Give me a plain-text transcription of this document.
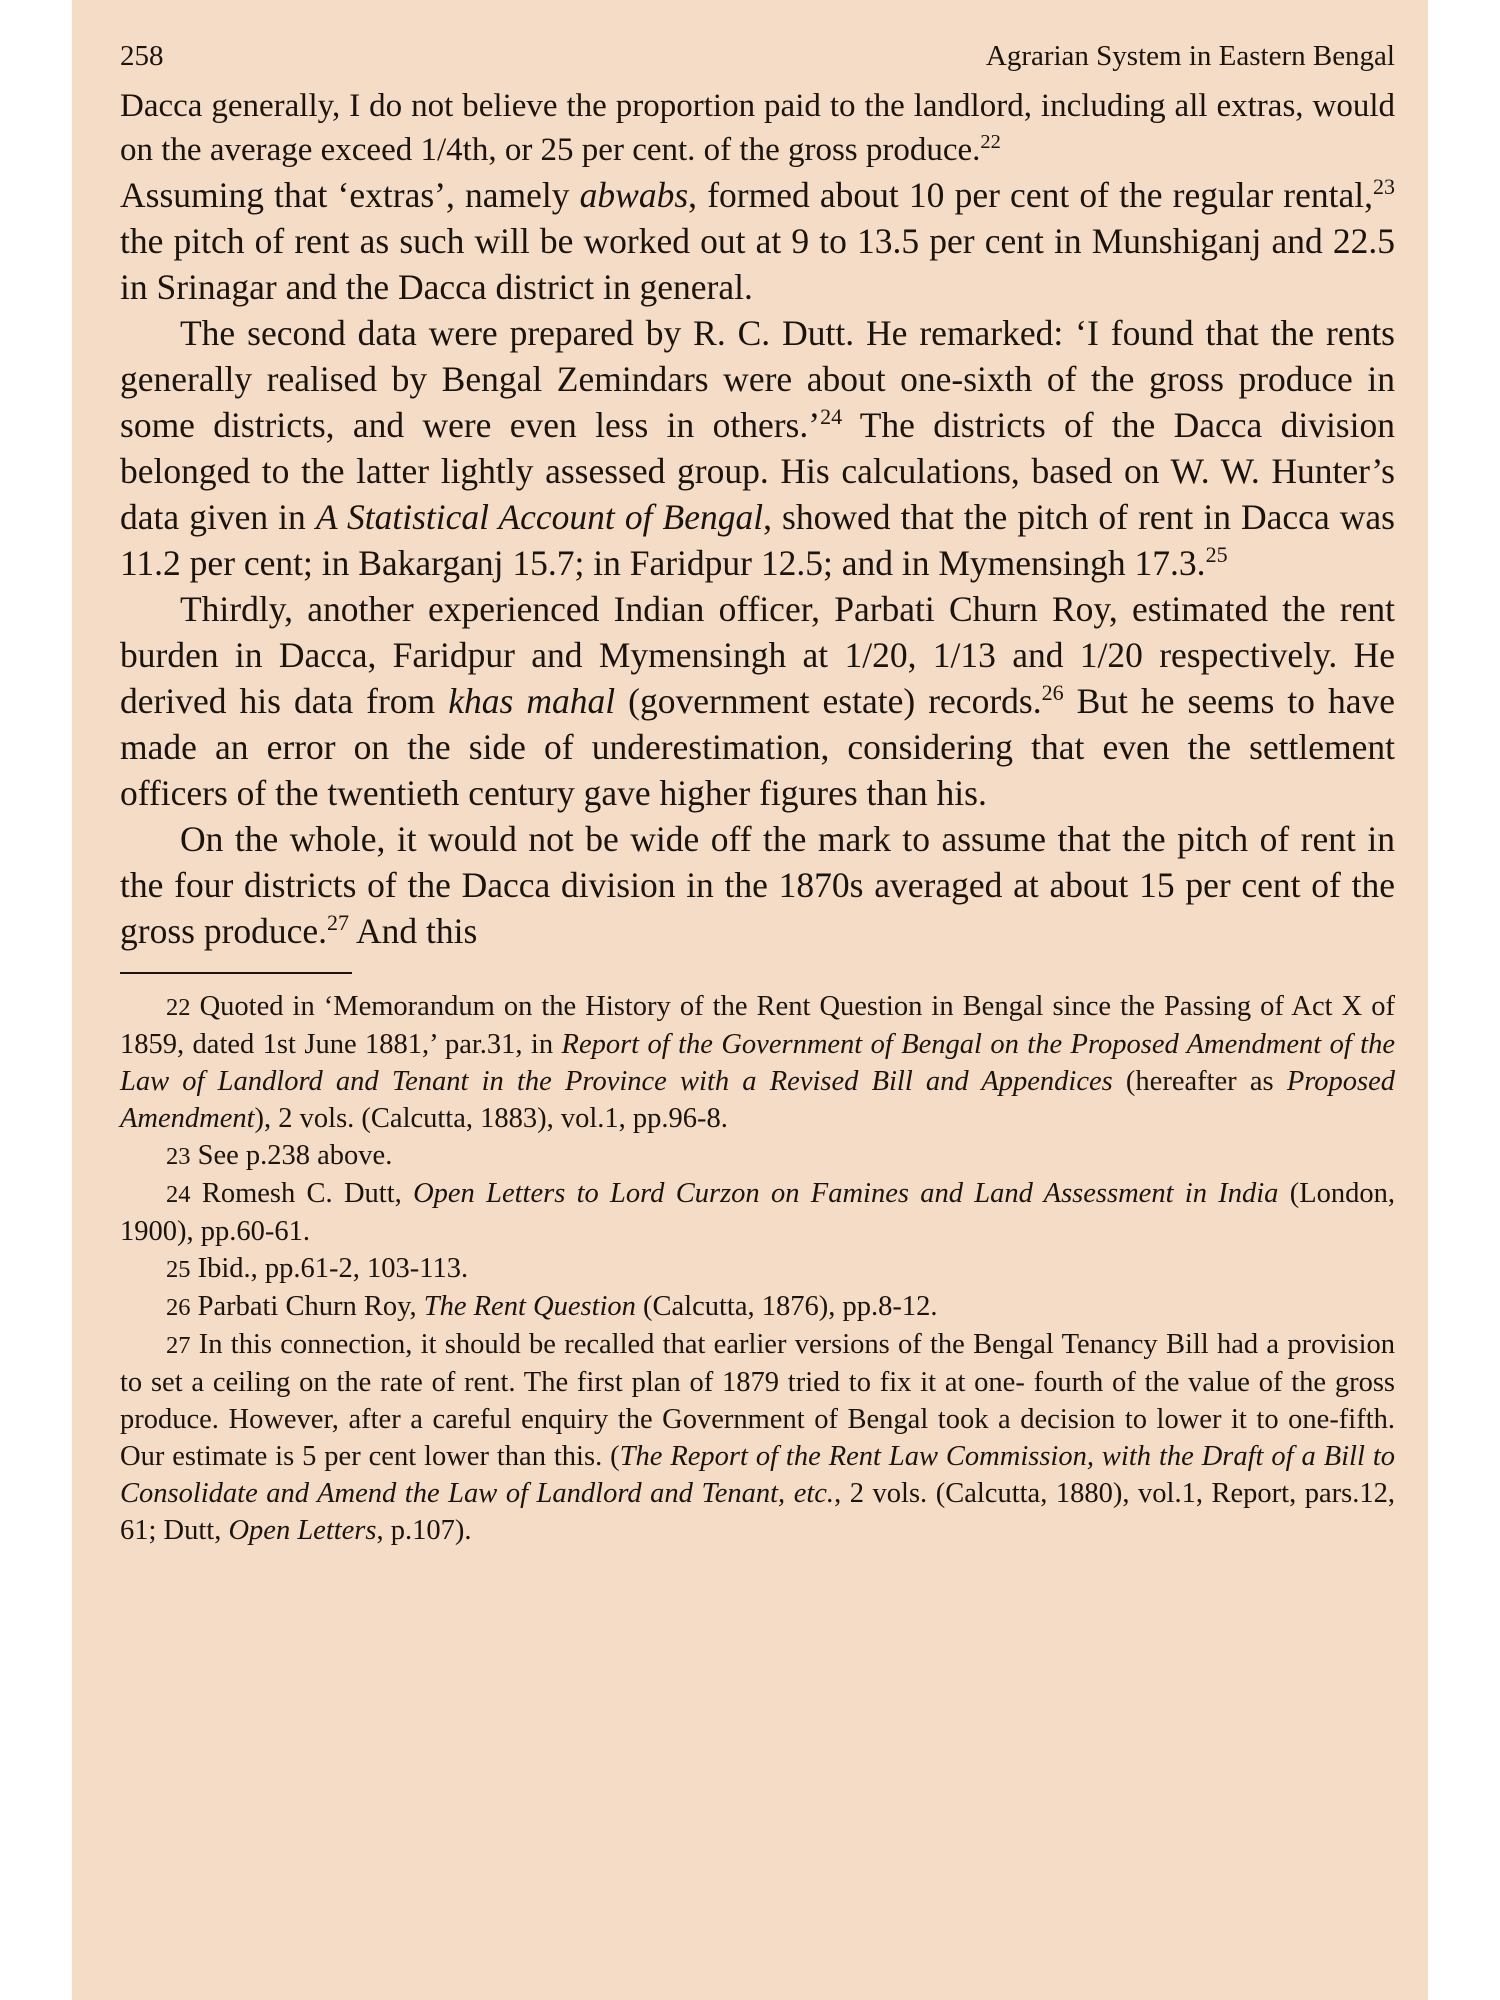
258	Agrarian System in Eastern Bengal

Dacca generally, I do not believe the proportion paid to the landlord, including all extras, would on the average exceed 1/4th, or 25 per cent. of the gross produce.$^{22}$

Assuming that ‘extras’, namely abwabs, formed about 10 per cent of the regular rental,$^{23}$ the pitch of rent as such will be worked out at 9 to 13.5 per cent in Munshiganj and 22.5 in Srinagar and the Dacca district in general.

The second data were prepared by R. C. Dutt. He remarked: ‘I found that the rents generally realised by Bengal Zemindars were about one-sixth of the gross produce in some districts, and were even less in others.’$^{24}$ The districts of the Dacca division belonged to the latter lightly assessed group. His calculations, based on W. W. Hunter’s data given in A Statistical Account of Bengal, showed that the pitch of rent in Dacca was 11.2 per cent; in Bakarganj 15.7; in Faridpur 12.5; and in Mymensingh 17.3.25

Thirdly, another experienced Indian officer, Parbati Churn Roy, estimated the rent burden in Dacca, Faridpur and Mymensingh at 1/20, 1/13 and 1/20 respectively. He derived his data from khas mahal (government estate) records.$^{26}$ But he seems to have made an error on the side of underestimation, considering that even the settlement officers of the twentieth century gave higher figures than his.

On the whole, it would not be wide off the mark to assume that the pitch of rent in the four districts of the Dacca division in the 1870s averaged at about 15 per cent of the gross produce.$^{27}$ And this

22 Quoted in ‘Memorandum on the History of the Rent Question in Bengal since the Passing of Act X of 1859, dated 1st June 1881,’ par.31, in Report of the Government of Bengal on the Proposed Amendment of the Law of Landlord and Tenant in the Province with a Revised Bill and Appendices (hereafter as Proposed Amendment), 2 vols. (Calcutta, 1883), vol.1, pp.96-8.

23 See p.238 above.

24 Romesh C. Dutt, Open Letters to Lord Curzon on Famines and Land Assessment in India (London, 1900), pp.60-61.

25 Ibid., pp.61-2, 103-113.

26 Parbati Churn Roy, The Rent Question (Calcutta, 1876), pp.8-12.

27 In this connection, it should be recalled that earlier versions of the Bengal Tenancy Bill had a provision to set a ceiling on the rate of rent. The first plan of 1879 tried to fix it at one- fourth of the value of the gross produce. However, after a careful enquiry the Government of Bengal took a decision to lower it to one-fifth. Our estimate is 5 per cent lower than this. (The Report of the Rent Law Commission, with the Draft of a Bill to Consolidate and Amend the Law of Landlord and Tenant, etc., 2 vols. (Calcutta, 1880), vol.1, Report, pars.12, 61; Dutt, Open Letters, p.107).
